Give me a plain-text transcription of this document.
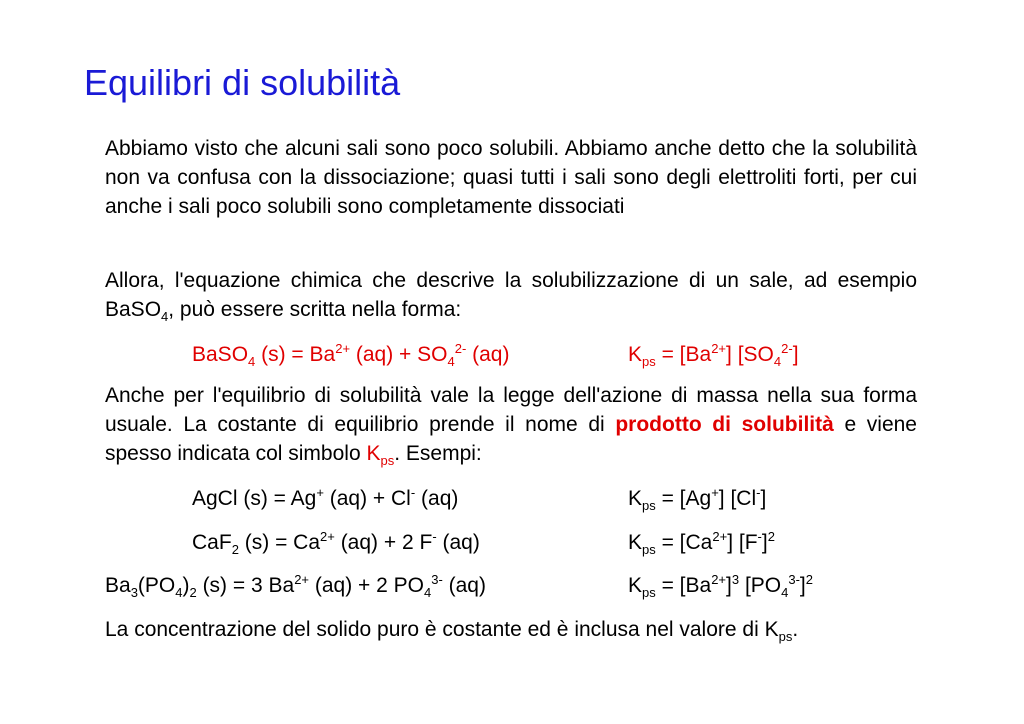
Equilibri di solubilità
Abbiamo visto che alcuni sali sono poco solubili. Abbiamo anche detto che la solubilità non va confusa con la dissociazione; quasi tutti i sali sono degli elettroliti forti, per cui anche i sali poco solubili sono completamente dissociati
Allora, l'equazione chimica che descrive la solubilizzazione di un sale, ad esempio BaSO$_4$, può essere scritta nella forma:
BaSO$_4$ $(s) = Ba^{2+}$ $(aq) + SO_4^{2-}$ (aq)	$K_{ps} = [Ba^{2+}]$ $[SO_4^{2-}]$
Anche per l'equilibrio di solubilità vale la legge dell'azione di massa nella sua forma usuale. La costante di equilibrio prende il nome di prodotto di solubilità e viene spesso indicata col simbolo $K_{ps}$. Esempi:
AgCl (s) = Ag+ (aq) + Cl- (aq)	$K_{ps} = [Ag^+]$ [Cl-]
CaF$_2$ $(s) = Ca^{2+}$ (aq) + 2 F- (aq)	$K_{ps} = [Ca^{2+}]$ $[F^-]^2$
$Ba_3(PO_4)_2$ (s) = 3 $Ba^{2+}$ (aq) + 2 $PO_4^{3-}$ (aq)	$K_{ps} = [Ba^{2+}]^3$ $[PO_4^{3-}]^2$
La concentrazione del solido puro è costante ed è inclusa nel valore di $K_{ps}$.
